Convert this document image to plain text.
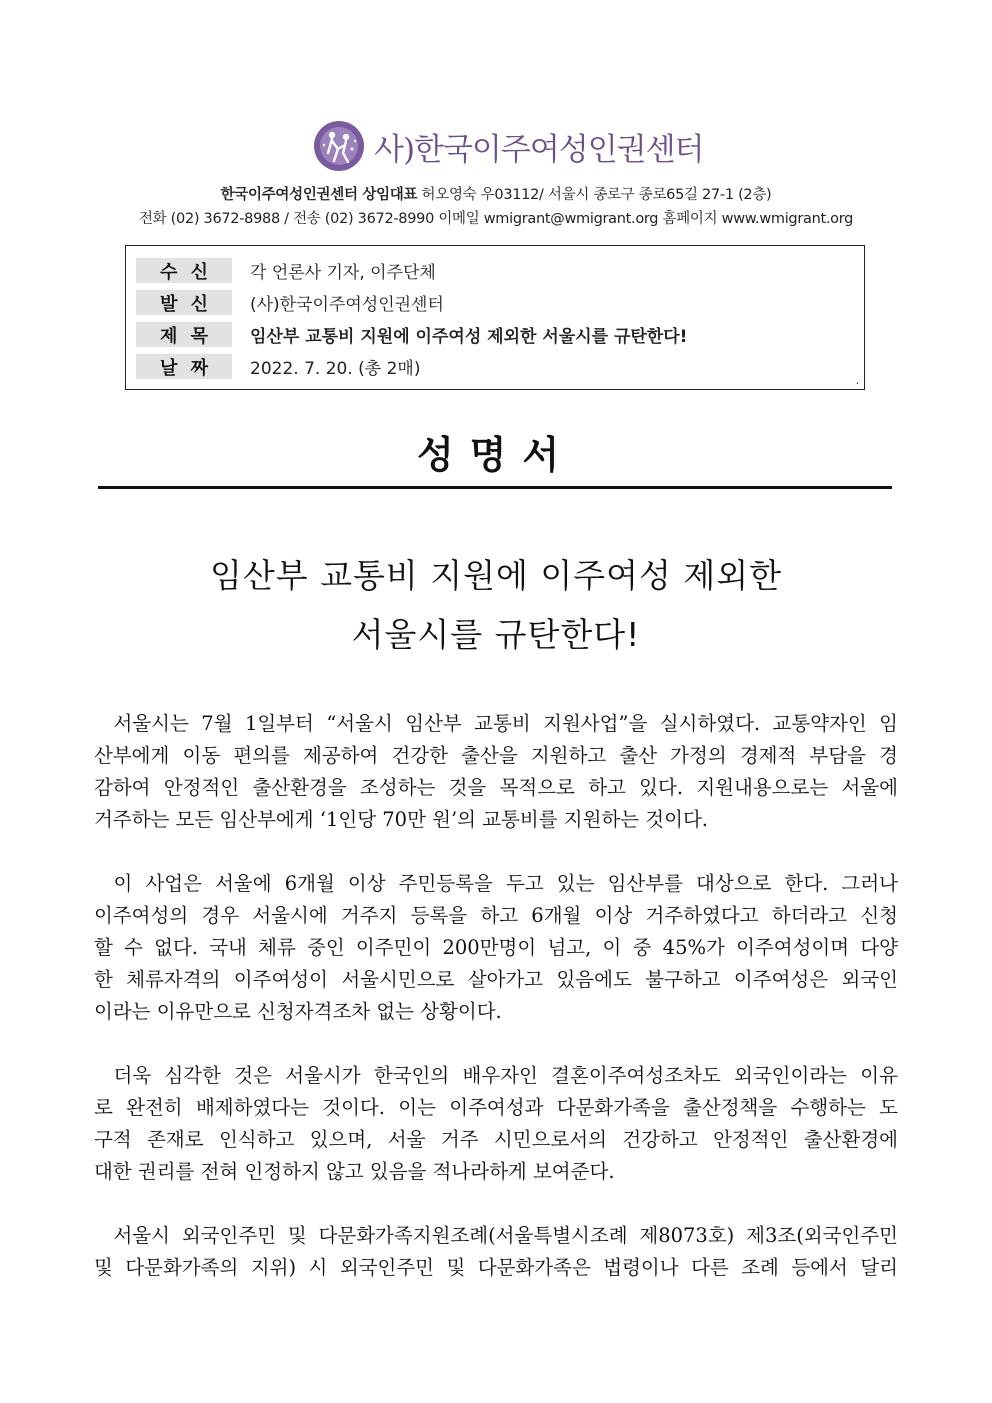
사)한국이주여성인권센터
한국이주여성인권센터 상임대표 허오영숙 우03112/ 서울시 종로구 종로65길 27-1 (2층)
전화 (02) 3672-8988 / 전송 (02) 3672-8990 이메일 wmigrant@wmigrant.org 홈페이지 www.wmigrant.org
수 신 각 언론사 기자, 이주단체
발 신 (사)한국이주여성인권센터
제 목 임산부 교통비 지원에 이주여성 제외한 서울시를 규탄한다!
날 짜 2022. 7. 20. (총 2매)
.
성명서
임산부 교통비 지원에 이주여성 제외한
서울시를 규탄한다!
  서울시는 7월 1일부터 “서울시 임산부 교통비 지원사업”을 실시하였다. 교통약자인 임
산부에게 이동 편의를 제공하여 건강한 출산을 지원하고 출산 가정의 경제적 부담을 경
감하여 안정적인 출산환경을 조성하는 것을 목적으로 하고 있다. 지원내용으로는 서울에
거주하는 모든 임산부에게 ‘1인당 70만 원’의 교통비를 지원하는 것이다.
  이 사업은 서울에 6개월 이상 주민등록을 두고 있는 임산부를 대상으로 한다. 그러나
이주여성의 경우 서울시에 거주지 등록을 하고 6개월 이상 거주하였다고 하더라고 신청
할 수 없다. 국내 체류 중인 이주민이 200만명이 넘고, 이 중 45%가 이주여성이며 다양
한 체류자격의 이주여성이 서울시민으로 살아가고 있음에도 불구하고 이주여성은 외국인
이라는 이유만으로 신청자격조차 없는 상황이다.
  더욱 심각한 것은 서울시가 한국인의 배우자인 결혼이주여성조차도 외국인이라는 이유
로 완전히 배제하였다는 것이다. 이는 이주여성과 다문화가족을 출산정책을 수행하는 도
구적 존재로 인식하고 있으며, 서울 거주 시민으로서의 건강하고 안정적인 출산환경에
대한 권리를 전혀 인정하지 않고 있음을 적나라하게 보여준다.
  서울시 외국인주민 및 다문화가족지원조례(서울특별시조례 제8073호) 제3조(외국인주민
및 다문화가족의 지위) 시 외국인주민 및 다문화가족은 법령이나 다른 조례 등에서 달리
